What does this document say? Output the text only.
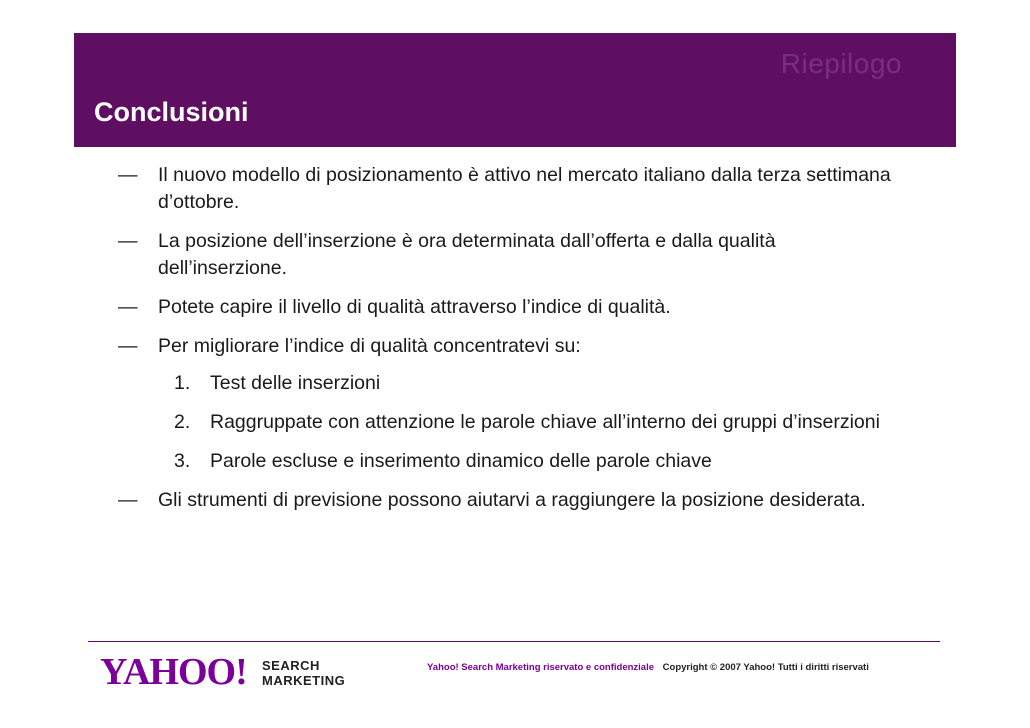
Riepilogo
Conclusioni
— Il nuovo modello di posizionamento è attivo nel mercato italiano dalla terza settimana d’ottobre.
— La posizione dell’inserzione è ora determinata dall’offerta e dalla qualità dell’inserzione.
— Potete capire il livello di qualità attraverso l’indice di qualità.
— Per migliorare l’indice di qualità concentratevi su:
1. Test delle inserzioni
2. Raggruppate con attenzione le parole chiave all’interno dei gruppi d’inserzioni
3. Parole escluse e inserimento dinamico delle parole chiave
— Gli strumenti di previsione possono aiutarvi a raggiungere la posizione desiderata.
YAHOO! SEARCH
MARKETING
Yahoo! Search Marketing riservato e confidenziale Copyright © 2007 Yahoo! Tutti i diritti riservati
